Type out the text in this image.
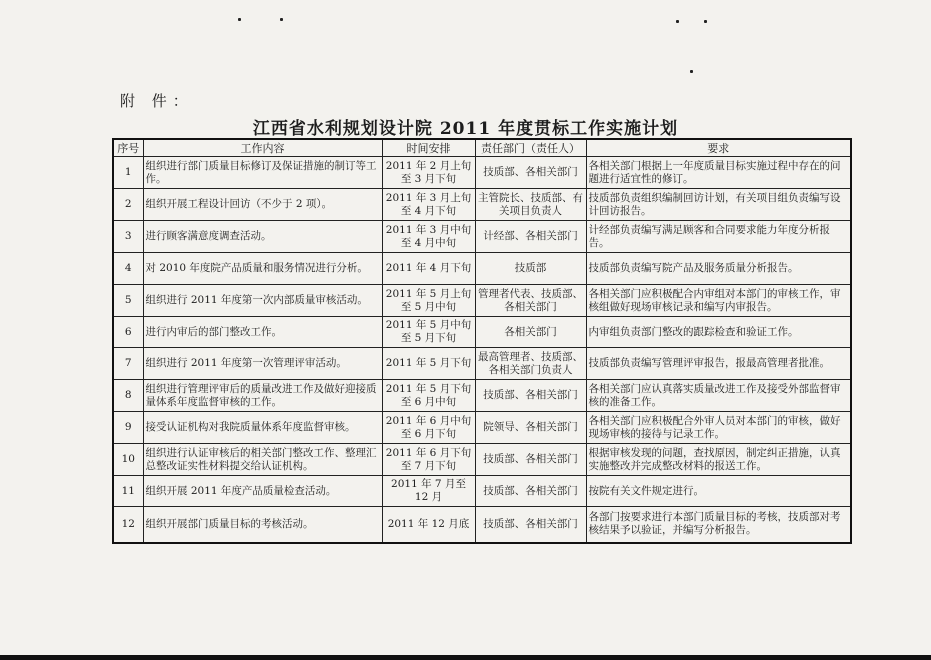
附 件：
江西省水利规划设计院 2011 年度贯标工作实施计划
序号	工作内容	时间安排	责任部门（责任人）	要求
1	组织进行部门质量目标修订及保证措施的制订等工作。	2011 年 2 月上旬至 3 月下旬	技质部、各相关部门	各相关部门根据上一年度质量目标实施过程中存在的问题进行适宜性的修订。
2	组织开展工程设计回访（不少于 2 项）。	2011 年 3 月上旬至 4 月下旬	主管院长、技质部、有关项目负责人	技质部负责组织编制回访计划，有关项目组负责编写设计回访报告。
3	进行顾客满意度调查活动。	2011 年 3 月中旬至 4 月中旬	计经部、各相关部门	计经部负责编写满足顾客和合同要求能力年度分析报告。
4	对 2010 年度院产品质量和服务情况进行分析。	2011 年 4 月下旬	技质部	技质部负责编写院产品及服务质量分析报告。
5	组织进行 2011 年度第一次内部质量审核活动。	2011 年 5 月上旬至 5 月中旬	管理者代表、技质部、各相关部门	各相关部门应积极配合内审组对本部门的审核工作，审核组做好现场审核记录和编写内审报告。
6	进行内审后的部门整改工作。	2011 年 5 月中旬至 5 月下旬	各相关部门	内审组负责部门整改的跟踪检查和验证工作。
7	组织进行 2011 年度第一次管理评审活动。	2011 年 5 月下旬	最高管理者、技质部、各相关部门负责人	技质部负责编写管理评审报告，报最高管理者批准。
8	组织进行管理评审后的质量改进工作及做好迎接质量体系年度监督审核的工作。	2011 年 5 月下旬至 6 月中旬	技质部、各相关部门	各相关部门应认真落实质量改进工作及接受外部监督审核的准备工作。
9	接受认证机构对我院质量体系年度监督审核。	2011 年 6 月中旬至 6 月下旬	院领导、各相关部门	各相关部门应积极配合外审人员对本部门的审核，做好现场审核的接待与记录工作。
10	组织进行认证审核后的相关部门整改工作、整理汇总整改证实性材料提交给认证机构。	2011 年 6 月下旬至 7 月下旬	技质部、各相关部门	根据审核发现的问题，查找原因，制定纠正措施，认真实施整改并完成整改材料的报送工作。
11	组织开展 2011 年度产品质量检查活动。	2011 年 7 月至 12 月	技质部、各相关部门	按院有关文件规定进行。
12	组织开展部门质量目标的考核活动。	2011 年 12 月底	技质部、各相关部门	各部门按要求进行本部门质量目标的考核，技质部对考核结果予以验证，并编写分析报告。
